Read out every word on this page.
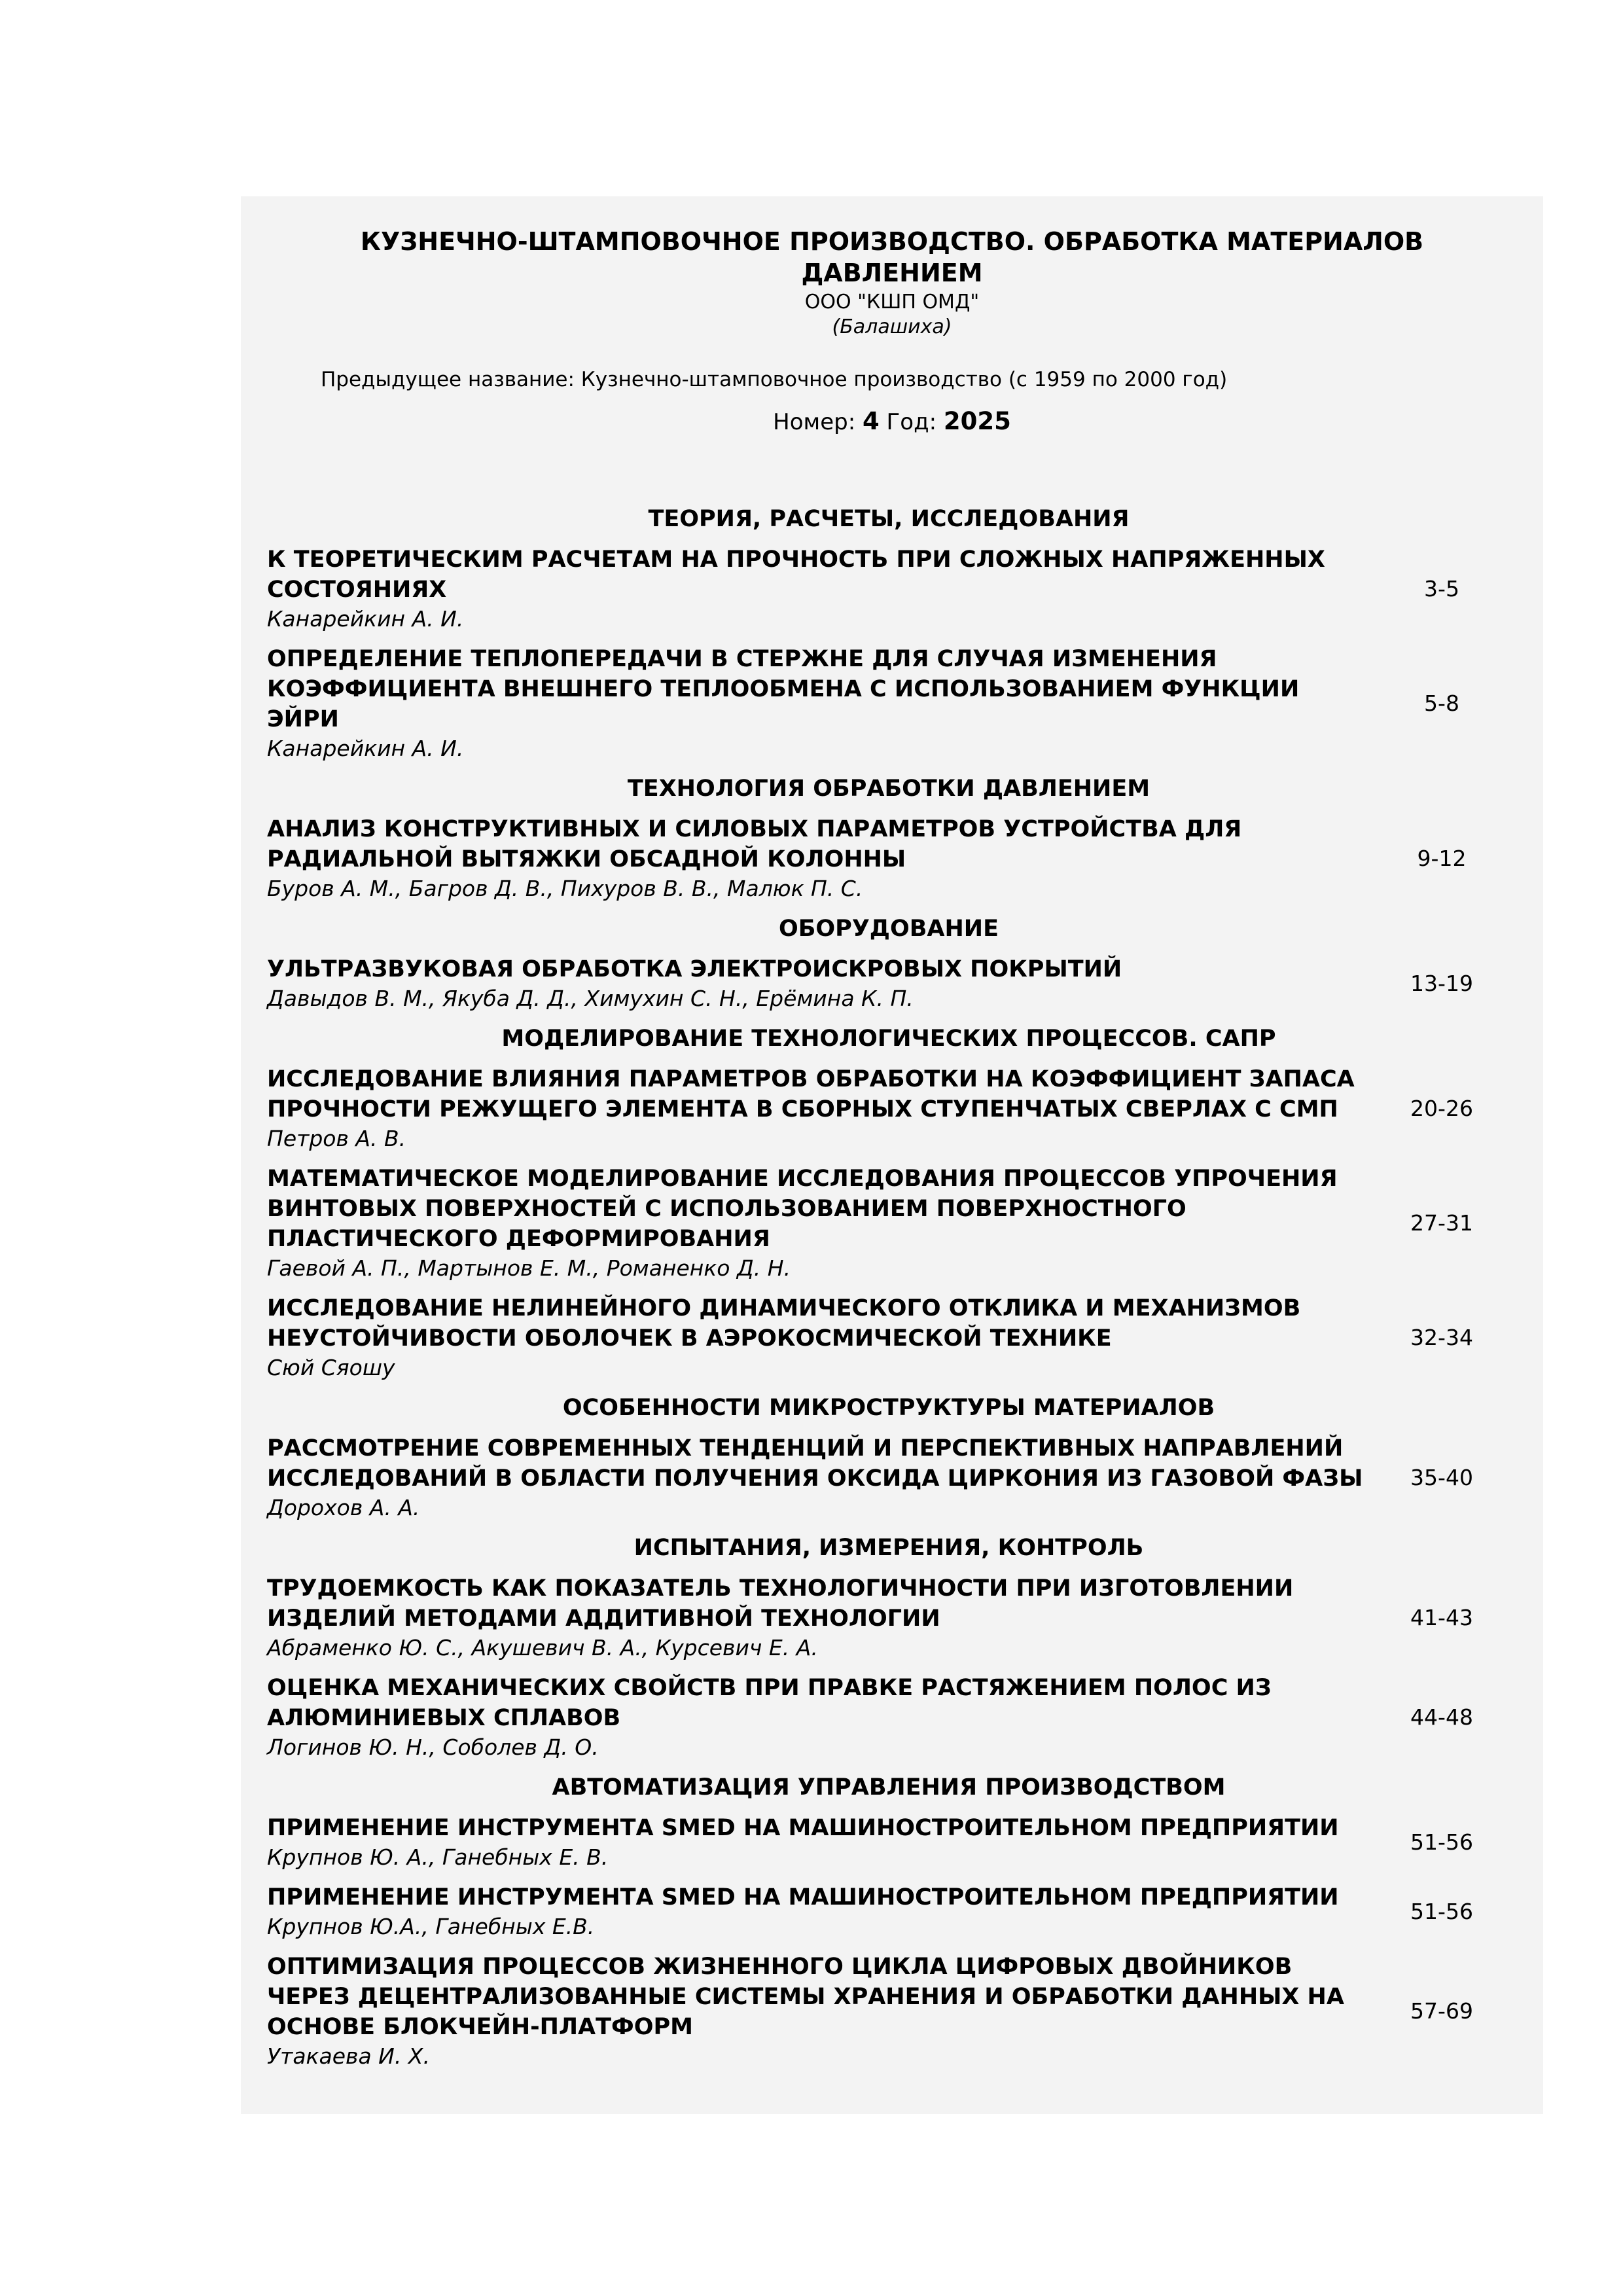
КУЗНЕЧНО-ШТАМПОВОЧНОЕ ПРОИЗВОДСТВО. ОБРАБОТКА МАТЕРИАЛОВ ДАВЛЕНИЕМ
ООО "КШП ОМД"
(Балашиха)
Предыдущее название: Кузнечно-штамповочное производство (с 1959 по 2000 год)
Номер: 4 Год: 2025
ТЕОРИЯ, РАСЧЕТЫ, ИССЛЕДОВАНИЯ
К ТЕОРЕТИЧЕСКИМ РАСЧЕТАМ НА ПРОЧНОСТЬ ПРИ СЛОЖНЫХ НАПРЯЖЕННЫХ СОСТОЯНИЯХ
Канарейкин А. И.
3-5
ОПРЕДЕЛЕНИЕ ТЕПЛОПЕРЕДАЧИ В СТЕРЖНЕ ДЛЯ СЛУЧАЯ ИЗМЕНЕНИЯ КОЭФФИЦИЕНТА ВНЕШНЕГО ТЕПЛООБМЕНА С ИСПОЛЬЗОВАНИЕМ ФУНКЦИИ ЭЙРИ
Канарейкин А. И.
5-8
ТЕХНОЛОГИЯ ОБРАБОТКИ ДАВЛЕНИЕМ
АНАЛИЗ КОНСТРУКТИВНЫХ И СИЛОВЫХ ПАРАМЕТРОВ УСТРОЙСТВА ДЛЯ РАДИАЛЬНОЙ ВЫТЯЖКИ ОБСАДНОЙ КОЛОННЫ
Буров А. М., Багров Д. В., Пихуров В. В., Малюк П. С.
9-12
ОБОРУДОВАНИЕ
УЛЬТРАЗВУКОВАЯ ОБРАБОТКА ЭЛЕКТРОИСКРОВЫХ ПОКРЫТИЙ
Давыдов В. М., Якуба Д. Д., Химухин С. Н., Ерёмина К. П.
13-19
МОДЕЛИРОВАНИЕ ТЕХНОЛОГИЧЕСКИХ ПРОЦЕССОВ. САПР
ИССЛЕДОВАНИЕ ВЛИЯНИЯ ПАРАМЕТРОВ ОБРАБОТКИ НА КОЭФФИЦИЕНТ ЗАПАСА ПРОЧНОСТИ РЕЖУЩЕГО ЭЛЕМЕНТА В СБОРНЫХ СТУПЕНЧАТЫХ СВЕРЛАХ С СМП
Петров А. В.
20-26
МАТЕМАТИЧЕСКОЕ МОДЕЛИРОВАНИЕ ИССЛЕДОВАНИЯ ПРОЦЕССОВ УПРОЧЕНИЯ ВИНТОВЫХ ПОВЕРХНОСТЕЙ С ИСПОЛЬЗОВАНИЕМ ПОВЕРХНОСТНОГО ПЛАСТИЧЕСКОГО ДЕФОРМИРОВАНИЯ
Гаевой А. П., Мартынов Е. М., Романенко Д. Н.
27-31
ИССЛЕДОВАНИЕ НЕЛИНЕЙНОГО ДИНАМИЧЕСКОГО ОТКЛИКА И МЕХАНИЗМОВ НЕУСТОЙЧИВОСТИ ОБОЛОЧЕК В АЭРОКОСМИЧЕСКОЙ ТЕХНИКЕ
Сюй Сяошу
32-34
ОСОБЕННОСТИ МИКРОСТРУКТУРЫ МАТЕРИАЛОВ
РАССМОТРЕНИЕ СОВРЕМЕННЫХ ТЕНДЕНЦИЙ И ПЕРСПЕКТИВНЫХ НАПРАВЛЕНИЙ ИССЛЕДОВАНИЙ В ОБЛАСТИ ПОЛУЧЕНИЯ ОКСИДА ЦИРКОНИЯ ИЗ ГАЗОВОЙ ФАЗЫ
Дорохов А. А.
35-40
ИСПЫТАНИЯ, ИЗМЕРЕНИЯ, КОНТРОЛЬ
ТРУДОЕМКОСТЬ КАК ПОКАЗАТЕЛЬ ТЕХНОЛОГИЧНОСТИ ПРИ ИЗГОТОВЛЕНИИ ИЗДЕЛИЙ МЕТОДАМИ АДДИТИВНОЙ ТЕХНОЛОГИИ
Абраменко Ю. С., Акушевич В. А., Курсевич Е. А.
41-43
ОЦЕНКА МЕХАНИЧЕСКИХ СВОЙСТВ ПРИ ПРАВКЕ РАСТЯЖЕНИЕМ ПОЛОС ИЗ АЛЮМИНИЕВЫХ СПЛАВОВ
Логинов Ю. Н., Соболев Д. О.
44-48
АВТОМАТИЗАЦИЯ УПРАВЛЕНИЯ ПРОИЗВОДСТВОМ
ПРИМЕНЕНИЕ ИНСТРУМЕНТА SMED НА МАШИНОСТРОИТЕЛЬНОМ ПРЕДПРИЯТИИ
Крупнов Ю. А., Ганебных Е. В.
51-56
ПРИМЕНЕНИЕ ИНСТРУМЕНТА SMED НА МАШИНОСТРОИТЕЛЬНОМ ПРЕДПРИЯТИИ
Крупнов Ю.А., Ганебных Е.В.
51-56
ОПТИМИЗАЦИЯ ПРОЦЕССОВ ЖИЗНЕННОГО ЦИКЛА ЦИФРОВЫХ ДВОЙНИКОВ ЧЕРЕЗ ДЕЦЕНТРАЛИЗОВАННЫЕ СИСТЕМЫ ХРАНЕНИЯ И ОБРАБОТКИ ДАННЫХ НА ОСНОВЕ БЛОКЧЕЙН-ПЛАТФОРМ
Утакаева И. Х.
57-69
